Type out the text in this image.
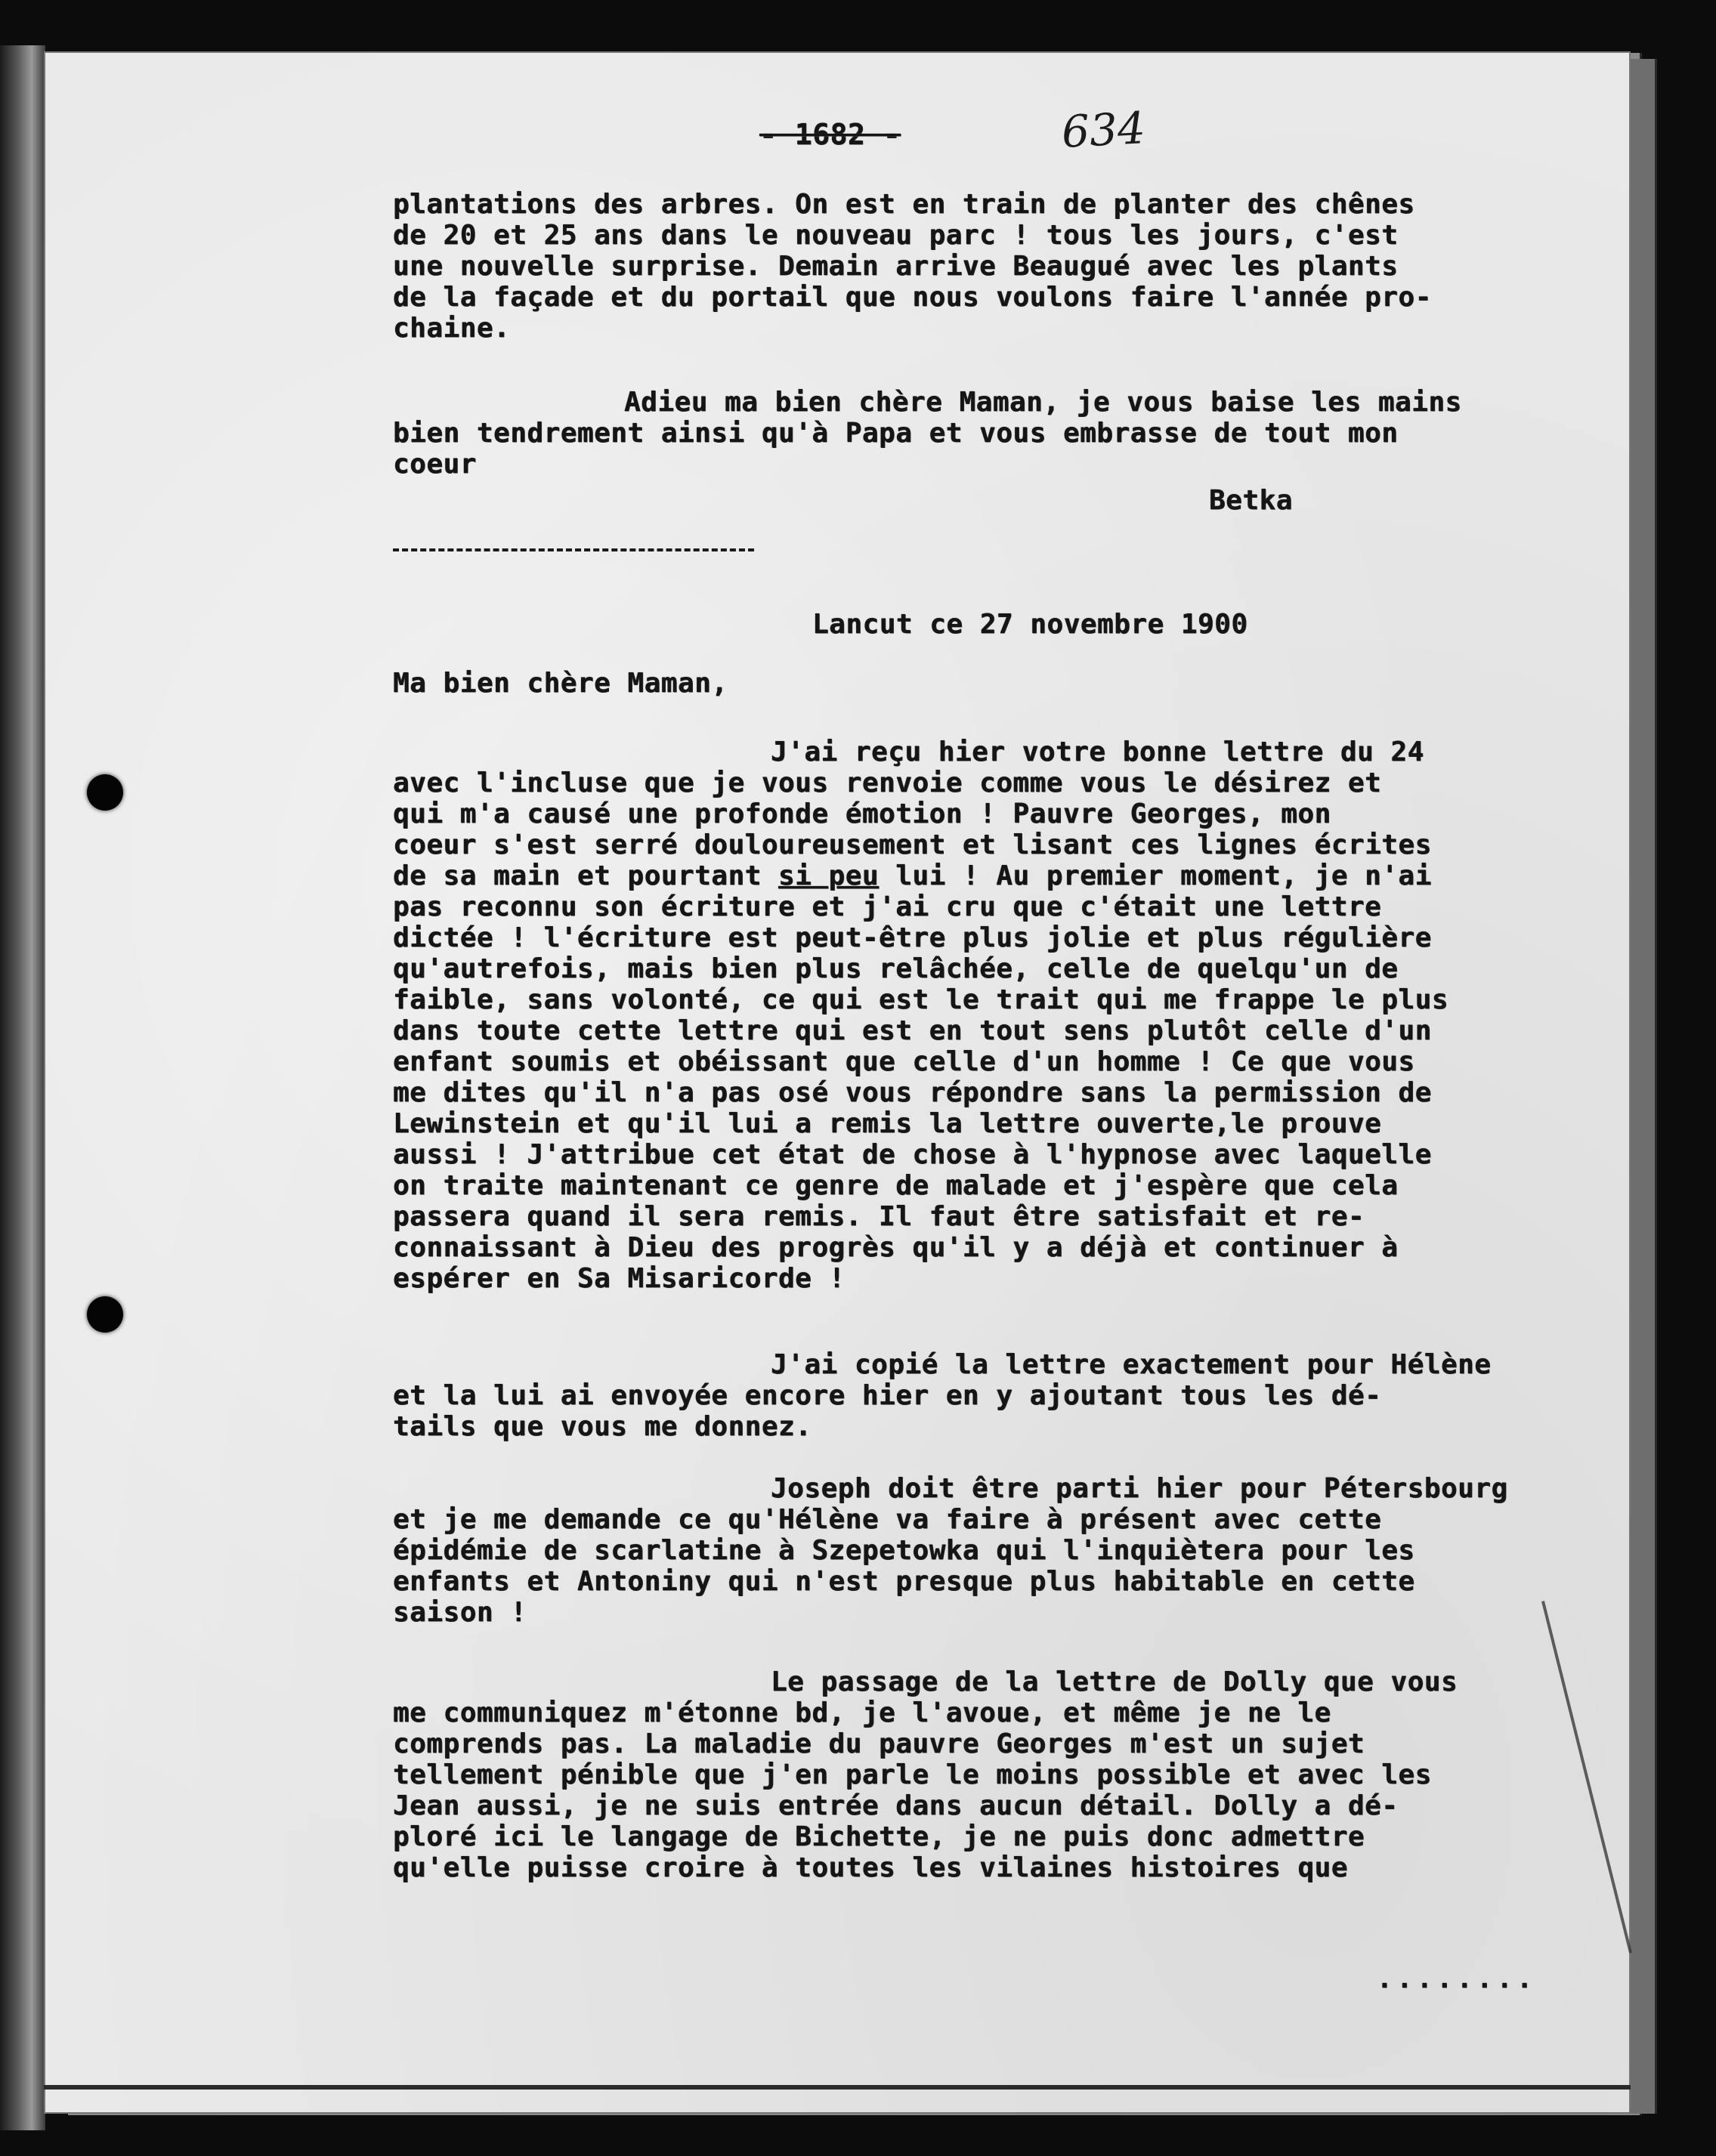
- 1682 -	634
plantations des arbres. On est en train de planter des chênes
de 20 et 25 ans dans le nouveau parc ! tous les jours, c'est
une nouvelle surprise. Demain arrive Beaugué avec les plants
de la façade et du portail que nous voulons faire l'année pro-
chaine.
Adieu ma bien chère Maman, je vous baise les mains
bien tendrement ainsi qu'à Papa et vous embrasse de tout mon
coeur
Betka
Lancut ce 27 novembre 1900
Ma bien chère Maman,
J'ai reçu hier votre bonne lettre du 24
avec l'incluse que je vous renvoie comme vous le désirez et
qui m'a causé une profonde émotion ! Pauvre Georges, mon
coeur s'est serré douloureusement et lisant ces lignes écrites
de sa main et pourtant si peu lui ! Au premier moment, je n'ai
pas reconnu son écriture et j'ai cru que c'était une lettre
dictée ! l'écriture est peut-être plus jolie et plus régulière
qu'autrefois, mais bien plus relâchée, celle de quelqu'un de
faible, sans volonté, ce qui est le trait qui me frappe le plus
dans toute cette lettre qui est en tout sens plutôt celle d'un
enfant soumis et obéissant que celle d'un homme ! Ce que vous
me dites qu'il n'a pas osé vous répondre sans la permission de
Lewinstein et qu'il lui a remis la lettre ouverte,le prouve
aussi ! J'attribue cet état de chose à l'hypnose avec laquelle
on traite maintenant ce genre de malade et j'espère que cela
passera quand il sera remis. Il faut être satisfait et re-
connaissant à Dieu des progrès qu'il y a déjà et continuer à
espérer en Sa Misaricorde !
J'ai copié la lettre exactement pour Hélène
et la lui ai envoyée encore hier en y ajoutant tous les dé-
tails que vous me donnez.
Joseph doit être parti hier pour Pétersbourg
et je me demande ce qu'Hélène va faire à présent avec cette
épidémie de scarlatine à Szepetowka qui l'inquiètera pour les
enfants et Antoniny qui n'est presque plus habitable en cette
saison !
Le passage de la lettre de Dolly que vous
me communiquez m'étonne bd, je l'avoue, et même je ne le
comprends pas. La maladie du pauvre Georges m'est un sujet
tellement pénible que j'en parle le moins possible et avec les
Jean aussi, je ne suis entrée dans aucun détail. Dolly a dé-
ploré ici le langage de Bichette, je ne puis donc admettre
qu'elle puisse croire à toutes les vilaines histoires que
........
